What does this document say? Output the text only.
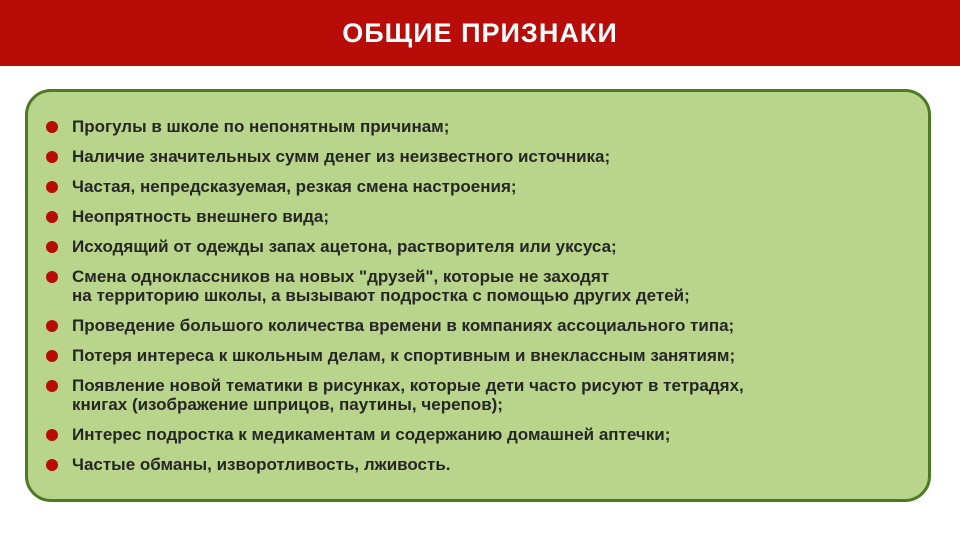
ОБЩИЕ ПРИЗНАКИ
Прогулы в школе по непонятным причинам;
Наличие значительных сумм денег из неизвестного источника;
Частая, непредсказуемая, резкая смена настроения;
Неопрятность внешнего вида;
Исходящий от одежды запах ацетона, растворителя или уксуса;
Смена одноклассников на новых "друзей", которые не заходят
на территорию школы, а вызывают подростка с помощью других детей;
Проведение большого количества времени в компаниях ассоциального типа;
Потеря интереса к школьным делам, к спортивным и внеклассным занятиям;
Появление новой тематики в рисунках, которые дети часто рисуют в тетрадях,
книгах (изображение шприцов, паутины, черепов);
Интерес подростка к медикаментам и содержанию домашней аптечки;
Частые обманы, изворотливость, лживость.
